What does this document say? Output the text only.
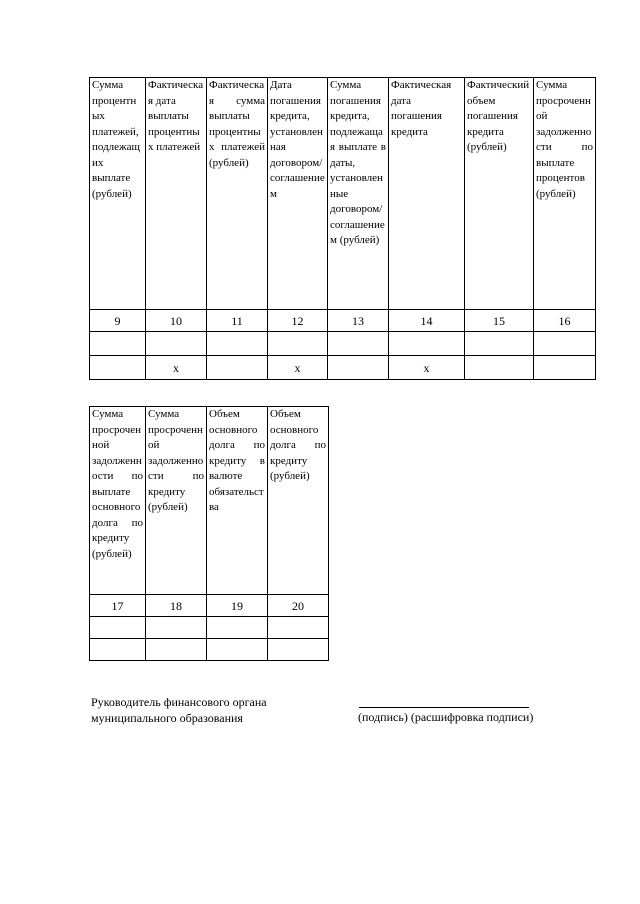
Сумма процентных платежей, подлежащих выплате (рублей)	Фактическая дата выплаты процентных платежей	Фактическая сумма выплаты процентных платежей (рублей)	Дата погашения кредита, установленная договором/соглашением	Сумма погашения кредита, подлежащая выплате в даты, установленные договором/соглашением (рублей)	Фактическая дата погашения кредита	Фактический объем погашения кредита (рублей)	Сумма просроченной задолженности по выплате процентов (рублей)
9	10	11	12	13	14	15	16

	x		x		x		
Сумма просроченной задолженности по выплате основного долга по кредиту (рублей)	Сумма просроченной задолженности по кредиту (рублей)	Объем основного долга по кредиту в валюте обязательства	Объем основного долга по кредиту (рублей)
17	18	19	20

Руководитель финансового органа
муниципального образования	(подпись) (расшифровка подписи)
